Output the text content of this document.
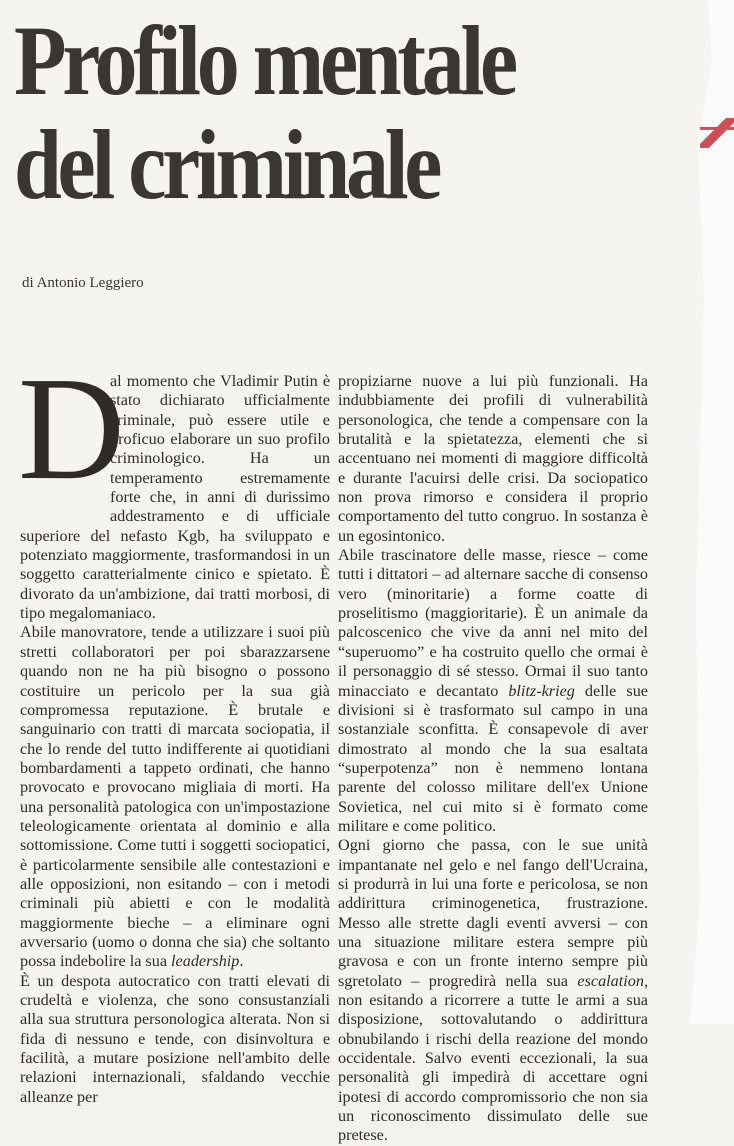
Profilo mentale
del criminale
di Antonio Leggiero
D

al momento che Vladimir Putin è stato dichiarato ufficialmente criminale, può essere utile e proficuo elaborare un suo profilo criminologico. Ha un temperamento estremamente forte che, in anni di durissimo addestramento e di ufficiale superiore del nefasto Kgb, ha sviluppato e potenziato maggiormente, trasformandosi in un soggetto caratterialmente cinico e spietato. È divorato da un'ambizione, dai tratti morbosi, di tipo megalomaniaco.

Abile manovratore, tende a utilizzare i suoi più stretti collaboratori per poi sbarazzarsene quando non ne ha più bisogno o possono costituire un pericolo per la sua già compromessa reputazione. È brutale e sanguinario con tratti di marcata sociopatia, il che lo rende del tutto indifferente ai quotidiani bombardamenti a tappeto ordinati, che hanno provocato e provocano migliaia di morti. Ha una personalità patologica con un'impostazione teleologicamente orientata al dominio e alla sottomissione. Come tutti i soggetti sociopatici, è particolarmente sensibile alle contestazioni e alle opposizioni, non esitando – con i metodi criminali più abietti e con le modalità maggiormente bieche – a eliminare ogni avversario (uomo o donna che sia) che soltanto possa indebolire la sua leadership.

È un despota autocratico con tratti elevati di crudeltà e violenza, che sono consustanziali alla sua struttura personologica alterata. Non si fida di nessuno e tende, con disinvoltura e facilità, a mutare posizione nell'ambito delle relazioni internazionali, sfaldando vecchie alleanze per

propiziarne nuove a lui più funzionali. Ha indubbiamente dei profili di vulnerabilità personologica, che tende a compensare con la brutalità e la spietatezza, elementi che si accentuano nei momenti di maggiore difficoltà e durante l'acuirsi delle crisi. Da sociopatico non prova rimorso e considera il proprio comportamento del tutto congruo. In sostanza è un egosintonico.

Abile trascinatore delle masse, riesce – come tutti i dittatori – ad alternare sacche di consenso vero (minoritarie) a forme coatte di proselitismo (maggioritarie). È un animale da palcoscenico che vive da anni nel mito del “superuomo” e ha costruito quello che ormai è il personaggio di sé stesso. Ormai il suo tanto minacciato e decantato blitz-krieg delle sue divisioni si è trasformato sul campo in una sostanziale sconfitta. È consapevole di aver dimostrato al mondo che la sua esaltata “superpotenza” non è nemmeno lontana parente del colosso militare dell'ex Unione Sovietica, nel cui mito si è formato come militare e come politico.

Ogni giorno che passa, con le sue unità impantanate nel gelo e nel fango dell'Ucraina, si produrrà in lui una forte e pericolosa, se non addirittura criminogenetica, frustrazione. Messo alle strette dagli eventi avversi – con una situazione militare estera sempre più gravosa e con un fronte interno sempre più sgretolato – progredirà nella sua escalation, non esitando a ricorrere a tutte le armi a sua disposizione, sottovalutando o addirittura obnubilando i rischi della reazione del mondo occidentale. Salvo eventi eccezionali, la sua personalità gli impedirà di accettare ogni ipotesi di accordo compromissorio che non sia un riconoscimento dissimulato delle sue pretese.
